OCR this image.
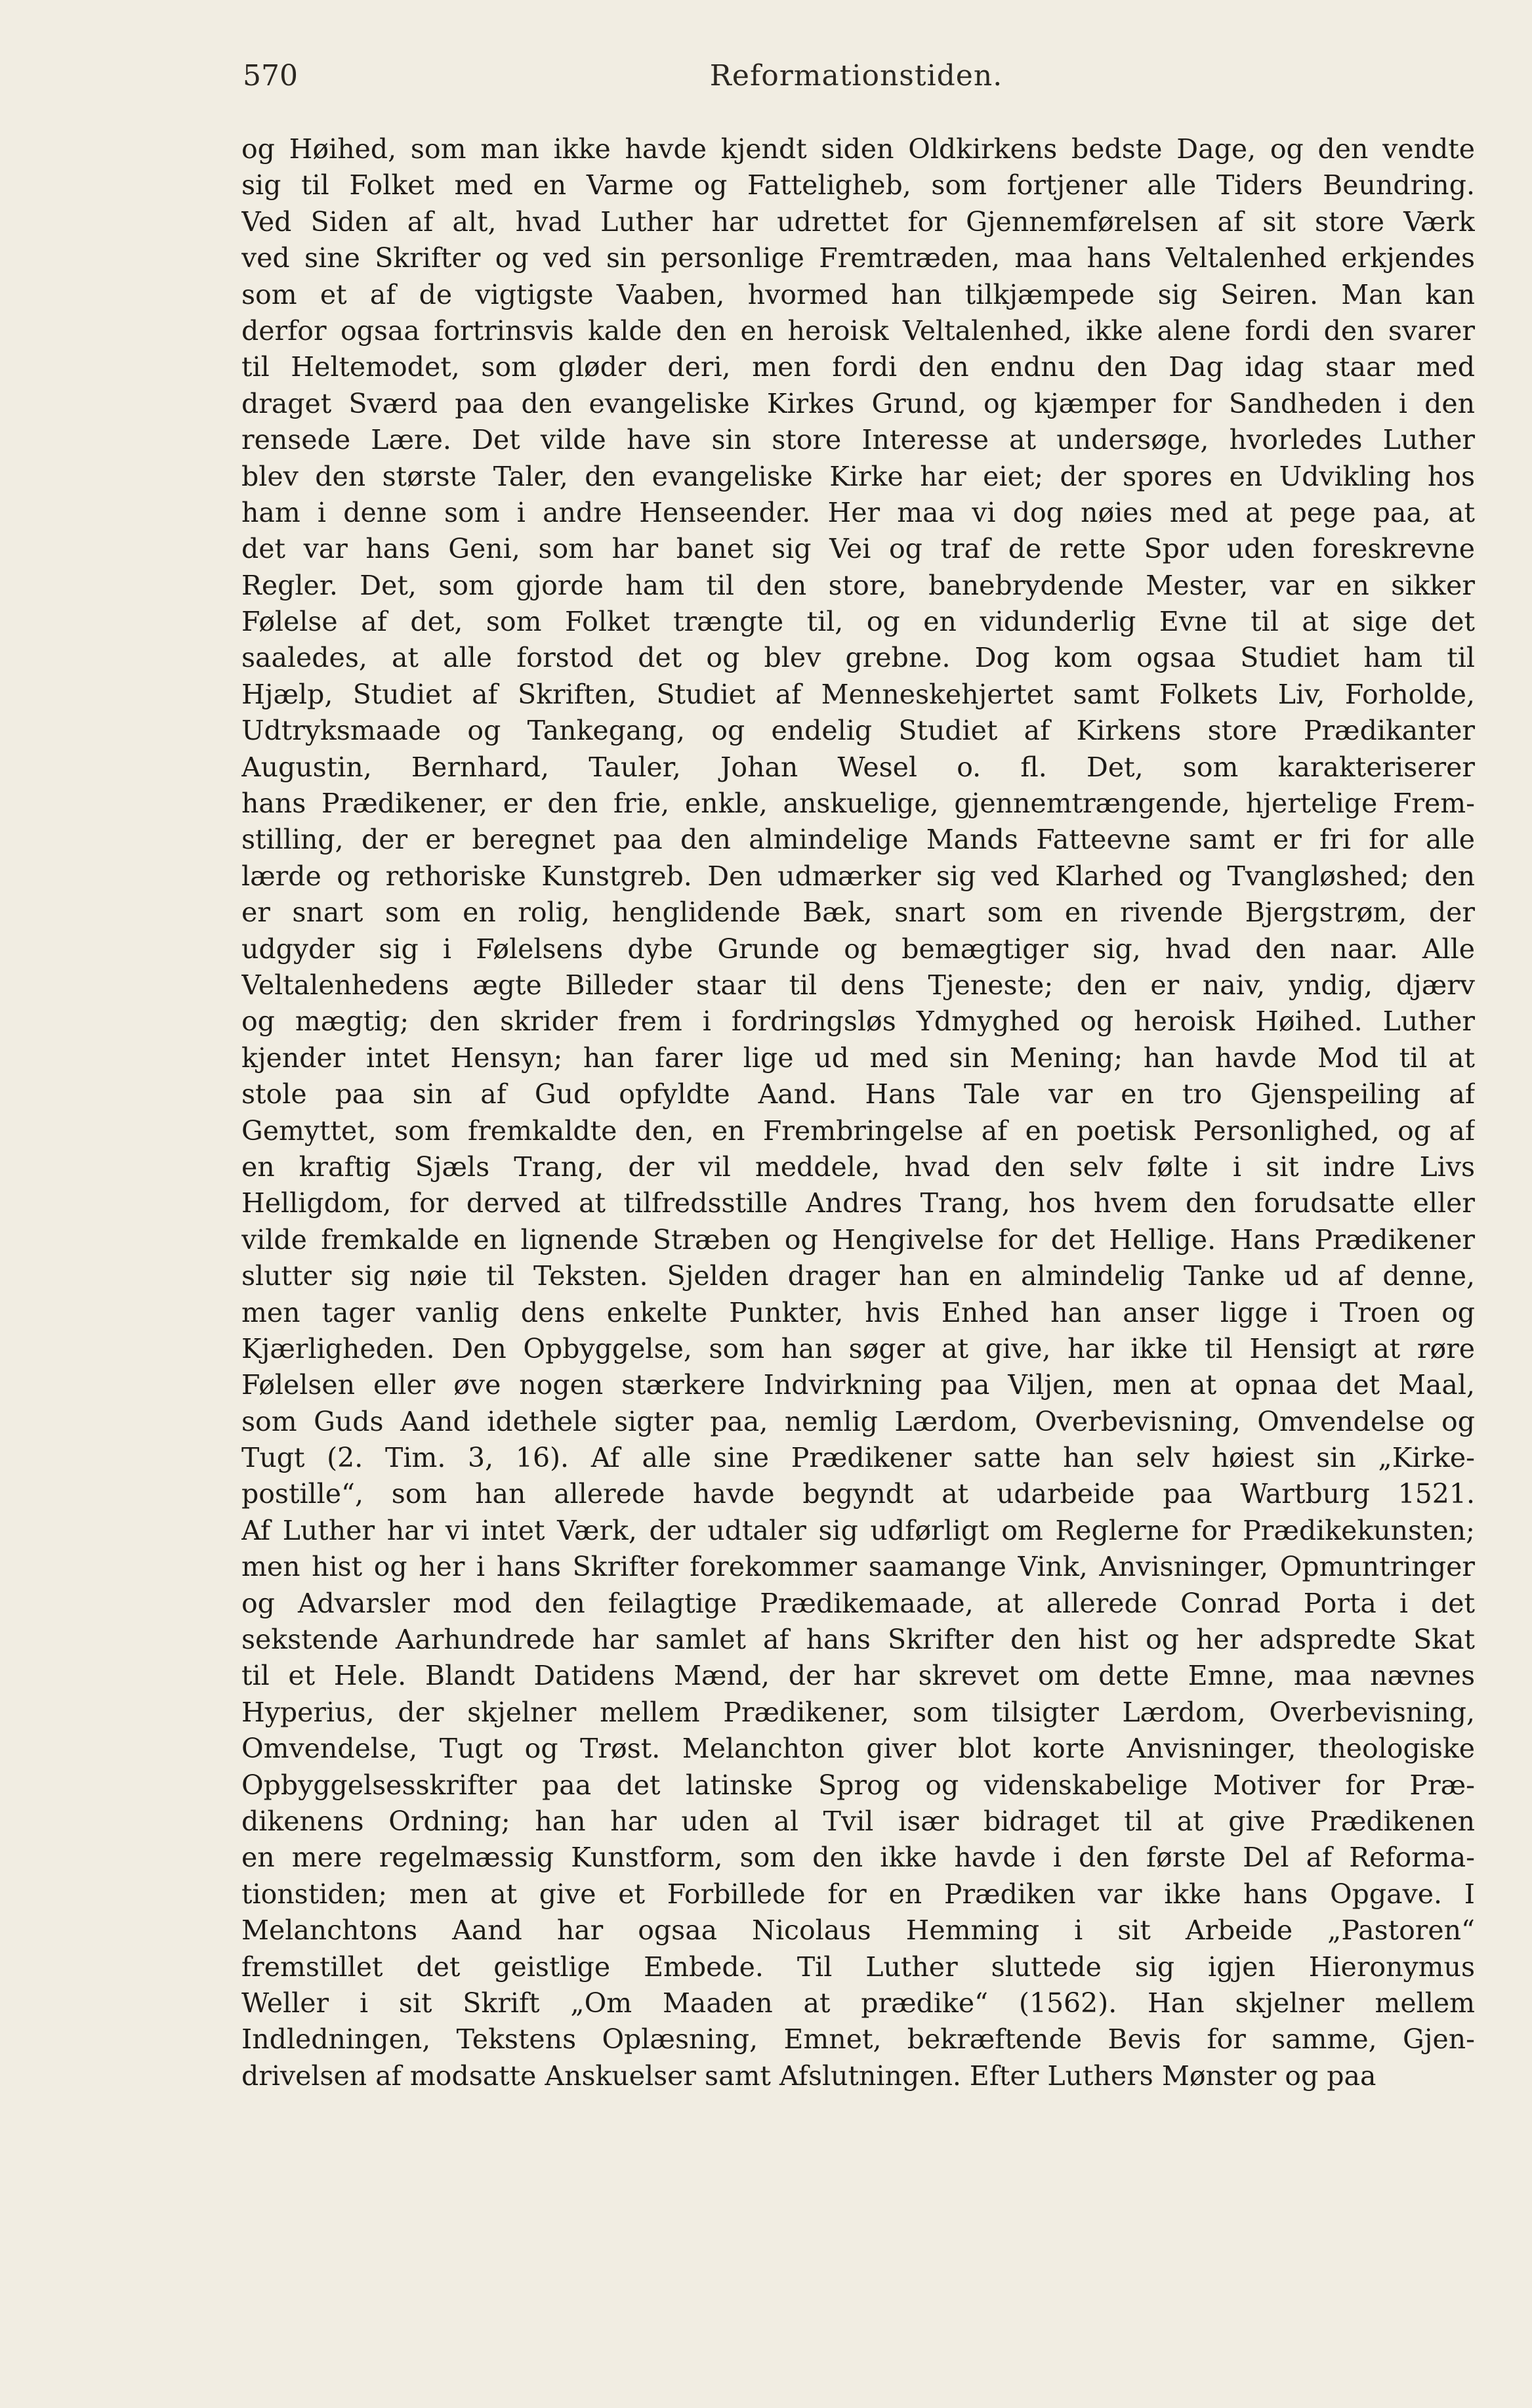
570	Reformationstiden.
og Høihed, som man ikke havde kjendt siden Oldkirkens bedste Dage, og den vendte
sig til Folket med en Varme og Fatteligheb, som fortjener alle Tiders Beundring.
Ved Siden af alt, hvad Luther har udrettet for Gjennemførelsen af sit store Værk
ved sine Skrifter og ved sin personlige Fremtræden, maa hans Veltalenhed erkjendes
som et af de vigtigste Vaaben, hvormed han tilkjæmpede sig Seiren. Man kan
derfor ogsaa fortrinsvis kalde den en heroisk Veltalenhed, ikke alene fordi den svarer
til Heltemodet, som gløder deri, men fordi den endnu den Dag idag staar med
draget Sværd paa den evangeliske Kirkes Grund, og kjæmper for Sandheden i den
rensede Lære. Det vilde have sin store Interesse at undersøge, hvorledes Luther
blev den største Taler, den evangeliske Kirke har eiet; der spores en Udvikling hos
ham i denne som i andre Henseender. Her maa vi dog nøies med at pege paa, at
det var hans Geni, som har banet sig Vei og traf de rette Spor uden foreskrevne
Regler. Det, som gjorde ham til den store, banebrydende Mester, var en sikker
Følelse af det, som Folket trængte til, og en vidunderlig Evne til at sige det
saaledes, at alle forstod det og blev grebne. Dog kom ogsaa Studiet ham til
Hjælp, Studiet af Skriften, Studiet af Menneskehjertet samt Folkets Liv, Forholde,
Udtryksmaade og Tankegang, og endelig Studiet af Kirkens store Prædikanter
Augustin, Bernhard, Tauler, Johan Wesel o. fl. Det, som karakteriserer
hans Prædikener, er den frie, enkle, anskuelige, gjennemtrængende, hjertelige Frem-
stilling, der er beregnet paa den almindelige Mands Fatteevne samt er fri for alle
lærde og rethoriske Kunstgreb. Den udmærker sig ved Klarhed og Tvangløshed; den
er snart som en rolig, henglidende Bæk, snart som en rivende Bjergstrøm, der
udgyder sig i Følelsens dybe Grunde og bemægtiger sig, hvad den naar. Alle
Veltalenhedens ægte Billeder staar til dens Tjeneste; den er naiv, yndig, djærv
og mægtig; den skrider frem i fordringsløs Ydmyghed og heroisk Høihed. Luther
kjender intet Hensyn; han farer lige ud med sin Mening; han havde Mod til at
stole paa sin af Gud opfyldte Aand. Hans Tale var en tro Gjenspeiling af
Gemyttet, som fremkaldte den, en Frembringelse af en poetisk Personlighed, og af
en kraftig Sjæls Trang, der vil meddele, hvad den selv følte i sit indre Livs
Helligdom, for derved at tilfredsstille Andres Trang, hos hvem den forudsatte eller
vilde fremkalde en lignende Stræben og Hengivelse for det Hellige. Hans Prædikener
slutter sig nøie til Teksten. Sjelden drager han en almindelig Tanke ud af denne,
men tager vanlig dens enkelte Punkter, hvis Enhed han anser ligge i Troen og
Kjærligheden. Den Opbyggelse, som han søger at give, har ikke til Hensigt at røre
Følelsen eller øve nogen stærkere Indvirkning paa Viljen, men at opnaa det Maal,
som Guds Aand idethele sigter paa, nemlig Lærdom, Overbevisning, Omvendelse og
Tugt (2. Tim. 3, 16). Af alle sine Prædikener satte han selv høiest sin „Kirke-
postille“, som han allerede havde begyndt at udarbeide paa Wartburg 1521.
Af Luther har vi intet Værk, der udtaler sig udførligt om Reglerne for Prædikekunsten;
men hist og her i hans Skrifter forekommer saamange Vink, Anvisninger, Opmuntringer
og Advarsler mod den feilagtige Prædikemaade, at allerede Conrad Porta i det
sekstende Aarhundrede har samlet af hans Skrifter den hist og her adspredte Skat
til et Hele. Blandt Datidens Mænd, der har skrevet om dette Emne, maa nævnes
Hyperius, der skjelner mellem Prædikener, som tilsigter Lærdom, Overbevisning,
Omvendelse, Tugt og Trøst. Melanchton giver blot korte Anvisninger, theologiske
Opbyggelsesskrifter paa det latinske Sprog og videnskabelige Motiver for Præ-
dikenens Ordning; han har uden al Tvil især bidraget til at give Prædikenen
en mere regelmæssig Kunstform, som den ikke havde i den første Del af Reforma-
tionstiden; men at give et Forbillede for en Prædiken var ikke hans Opgave. I
Melanchtons Aand har ogsaa Nicolaus Hemming i sit Arbeide „Pastoren“
fremstillet det geistlige Embede. Til Luther sluttede sig igjen Hieronymus
Weller i sit Skrift „Om Maaden at prædike“ (1562). Han skjelner mellem
Indledningen, Tekstens Oplæsning, Emnet, bekræftende Bevis for samme, Gjen-
drivelsen af modsatte Anskuelser samt Afslutningen. Efter Luthers Mønster og paa
